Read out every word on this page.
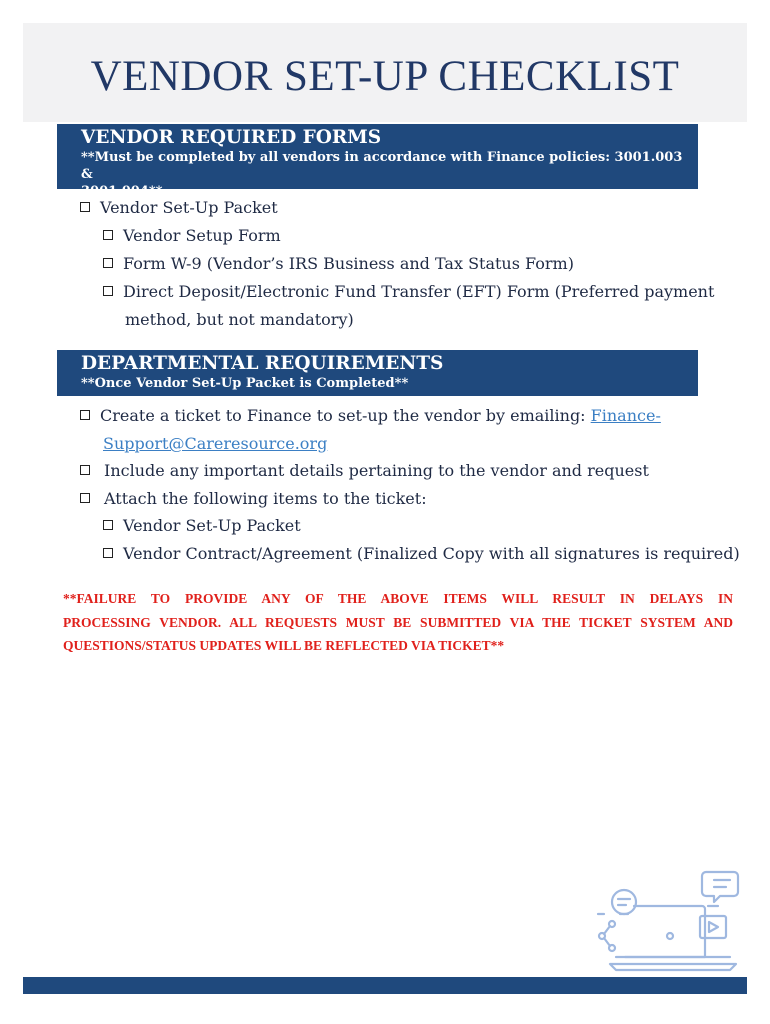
VENDOR SET-UP CHECKLIST
VENDOR REQUIRED FORMS
**Must be completed by all vendors in accordance with Finance policies: 3001.003 &
3001.004**
Vendor Set-Up Packet
Vendor Setup Form
Form W-9 (Vendor’s IRS Business and Tax Status Form)
Direct Deposit/Electronic Fund Transfer (EFT) Form (Preferred payment
method, but not mandatory)
DEPARTMENTAL REQUIREMENTS
**Once Vendor Set-Up Packet is Completed**
Create a ticket to Finance to set-up the vendor by emailing: Finance-
Support@Careresource.org
Include any important details pertaining to the vendor and request
Attach the following items to the ticket:
Vendor Set-Up Packet
Vendor Contract/Agreement (Finalized Copy with all signatures is required)
**FAILURE TO PROVIDE ANY OF THE ABOVE ITEMS WILL RESULT IN DELAYS IN
PROCESSING VENDOR. ALL REQUESTS MUST BE SUBMITTED VIA THE TICKET SYSTEM AND
QUESTIONS/STATUS UPDATES WILL BE REFLECTED VIA TICKET**
